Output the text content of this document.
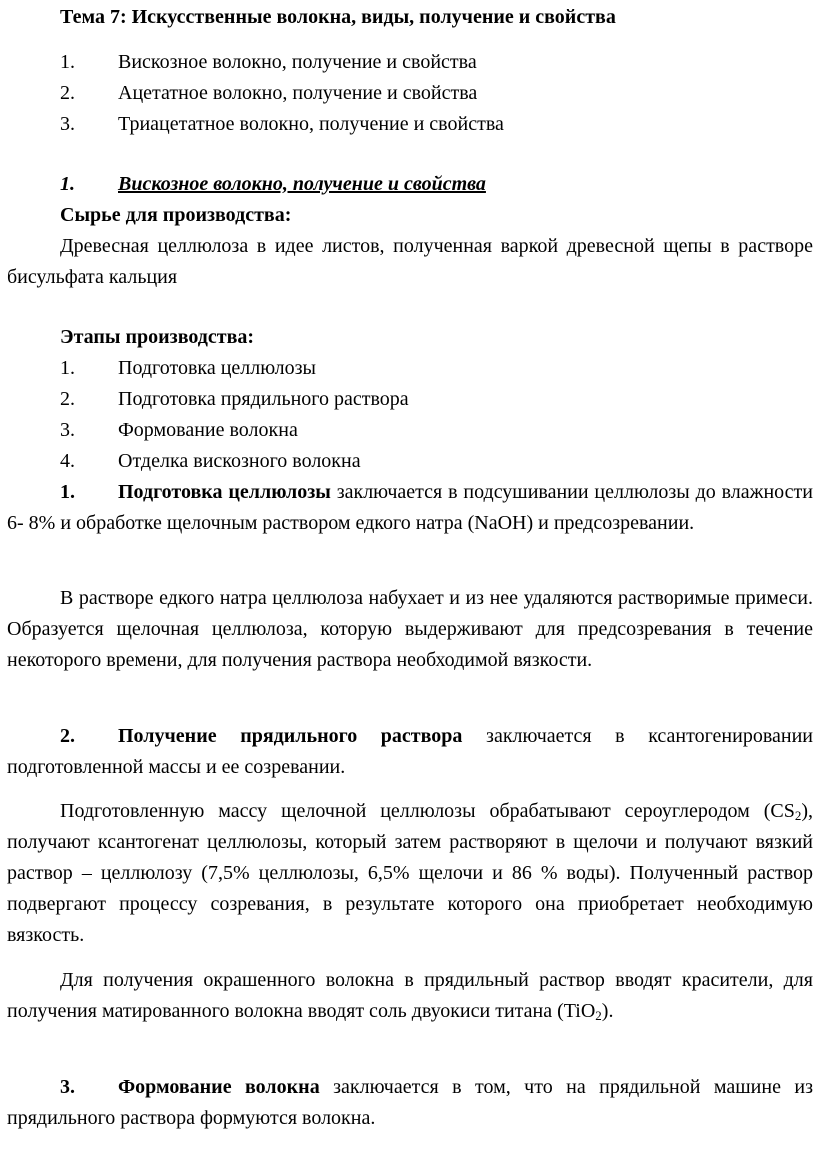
Тема 7: Искусственные волокна, виды, получение и свойства
1. Вискозное волокно, получение и свойства
2. Ацетатное волокно, получение и свойства
3. Триацетатное волокно, получение и свойства
1. Вискозное волокно, получение и свойства
Сырье для производства:

Древесная целлюлоза в идее листов, полученная варкой древесной щепы в растворе бисульфата кальция

Этапы производства:
1. Подготовка целлюлозы
2. Подготовка прядильного раствора
3. Формование волокна
4. Отделка вискозного волокна

1. Подготовка целлюлозы заключается в подсушивании целлюлозы до влажности 6- 8% и обработке щелочным раствором едкого натра (NaOH) и предсозревании.

В растворе едкого натра целлюлоза набухает и из нее удаляются растворимые примеси. Образуется щелочная целлюлоза, которую выдерживают для предсозревания в течение некоторого времени, для получения раствора необходимой вязкости.

2. Получение прядильного раствора заключается в ксантогенировании подготовленной массы и ее созревании.

Подготовленную массу щелочной целлюлозы обрабатывают сероуглеродом $(CS_2)$, получают ксантогенат целлюлозы, который затем растворяют в щелочи и получают вязкий раствор – целлюлозу (7,5% целлюлозы, 6,5% щелочи и 86 % воды). Полученный раствор подвергают процессу созревания, в результате которого она приобретает необходимую вязкость.

Для получения окрашенного волокна в прядильный раствор вводят красители, для получения матированного волокна вводят соль двуокиси титана (TiO$_2$).

3. Формование волокна заключается в том, что на прядильной машине из прядильного раствора формуются волокна.
